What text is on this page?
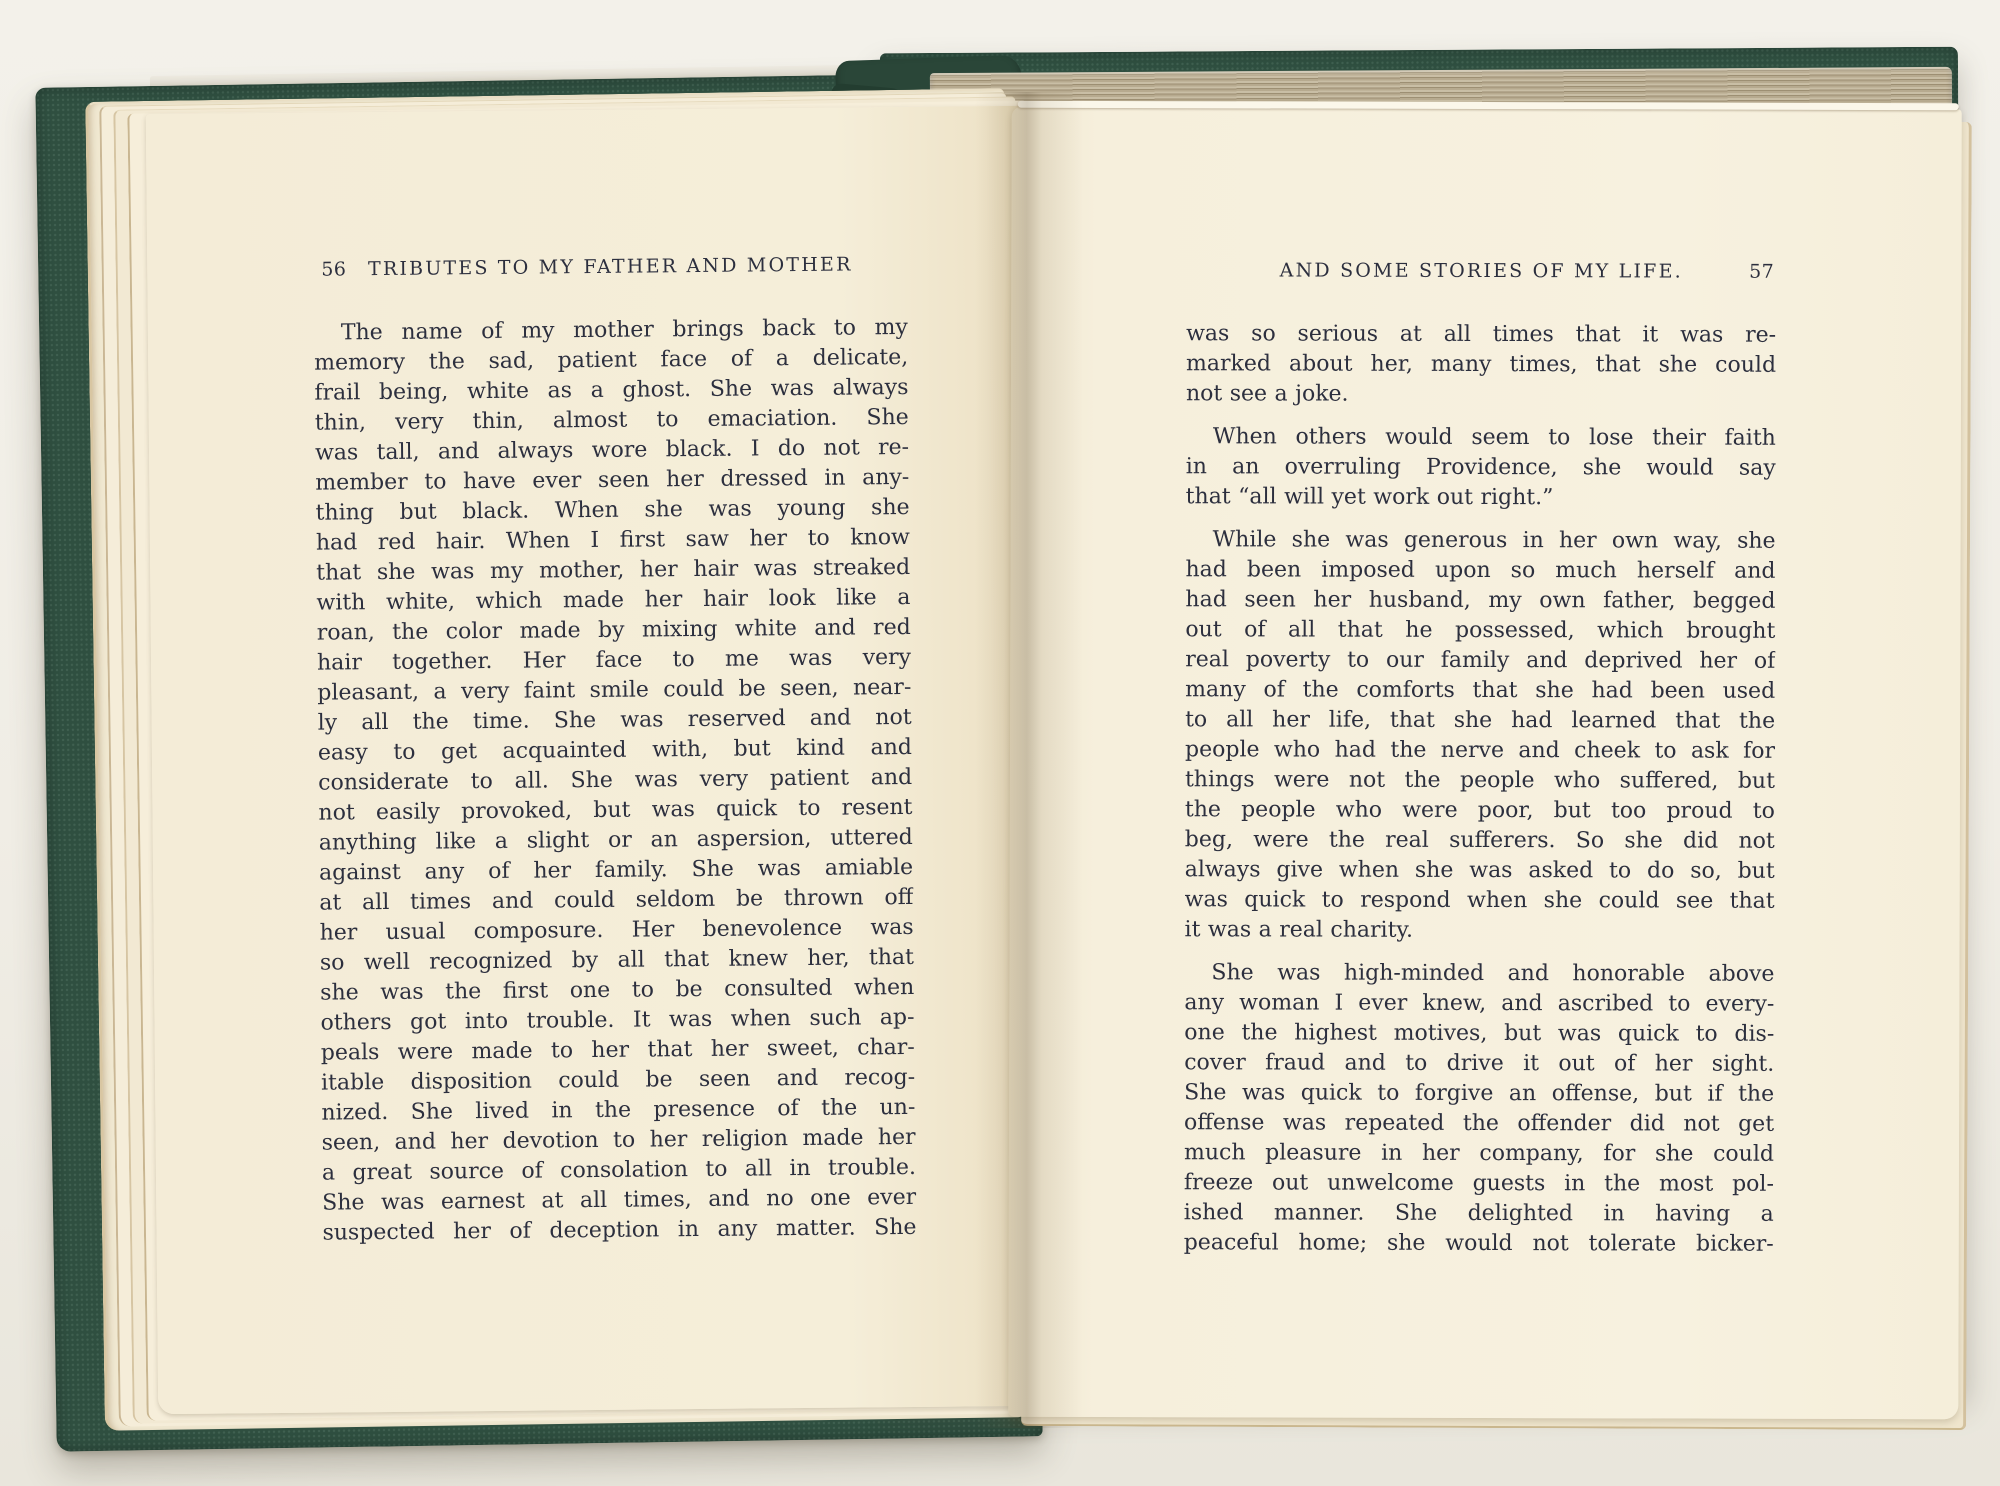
56 TRIBUTES TO MY FATHER AND MOTHER
The name of my mother brings back to my
memory the sad, patient face of a delicate,
frail being, white as a ghost. She was always
thin, very thin, almost to emaciation. She
was tall, and always wore black. I do not re-
member to have ever seen her dressed in any-
thing but black. When she was young she
had red hair. When I first saw her to know
that she was my mother, her hair was streaked
with white, which made her hair look like a
roan, the color made by mixing white and red
hair together. Her face to me was very
pleasant, a very faint smile could be seen, near-
ly all the time. She was reserved and not
easy to get acquainted with, but kind and
considerate to all. She was very patient and
not easily provoked, but was quick to resent
anything like a slight or an aspersion, uttered
against any of her family. She was amiable
at all times and could seldom be thrown off
her usual composure. Her benevolence was
so well recognized by all that knew her, that
she was the first one to be consulted when
others got into trouble. It was when such ap-
peals were made to her that her sweet, char-
itable disposition could be seen and recog-
nized. She lived in the presence of the un-
seen, and her devotion to her religion made her
a great source of consolation to all in trouble.
She was earnest at all times, and no one ever
suspected her of deception in any matter. She
AND SOME STORIES OF MY LIFE.	57
was so serious at all times that it was re-
marked about her, many times, that she could
not see a joke.
When others would seem to lose their faith
in an overruling Providence, she would say
that “all will yet work out right.”
While she was generous in her own way, she
had been imposed upon so much herself and
had seen her husband, my own father, begged
out of all that he possessed, which brought
real poverty to our family and deprived her of
many of the comforts that she had been used
to all her life, that she had learned that the
people who had the nerve and cheek to ask for
things were not the people who suffered, but
the people who were poor, but too proud to
beg, were the real sufferers. So she did not
always give when she was asked to do so, but
was quick to respond when she could see that
it was a real charity.
She was high-minded and honorable above
any woman I ever knew, and ascribed to every-
one the highest motives, but was quick to dis-
cover fraud and to drive it out of her sight.
She was quick to forgive an offense, but if the
offense was repeated the offender did not get
much pleasure in her company, for she could
freeze out unwelcome guests in the most pol-
ished manner. She delighted in having a
peaceful home; she would not tolerate bicker-
